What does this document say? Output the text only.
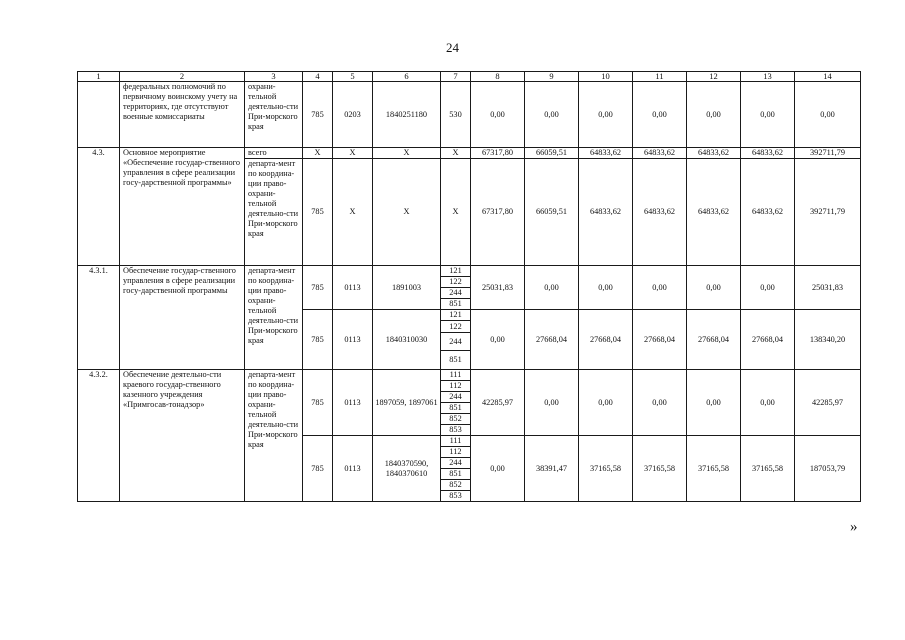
24
1	2	3	4	5	6	7	8	9	10	11	12	13	14
	федеральных полномочий по первичному воинскому учету на территориях, где отсутствуют военные комиссариаты	охрани-тельной деятельно-сти При-морского края	785	0203	1840251180	530	0,00	0,00	0,00	0,00	0,00	0,00	0,00
4.3.	Основное мероприятие «Обеспечение государ-ственного управления в сфере реализации госу-дарственной программы»	всего	X	X	X	X	67317,80	66059,51	64833,62	64833,62	64833,62	64833,62	392711,79
		департа-мент по координа-ции право-охрани-тельной деятельно-сти При-морского края	785	X	X	X	67317,80	66059,51	64833,62	64833,62	64833,62	64833,62	392711,79
4.3.1.	Обеспечение государ-ственного управления в сфере реализации госу-дарственной программы	департа-мент по координа-ции право-охрани-тельной деятельно-сти При-морского края	785	0113	1891003	121	25031,83	0,00	0,00	0,00	0,00	0,00	25031,83
						122							
						244							
						851							
			785	0113	1840310030	121	0,00	27668,04	27668,04	27668,04	27668,04	27668,04	138340,20
						122							
						244							
						851							
4.3.2.	Обеспечение деятельно-сти краевого государ-ственного казенного учреждения «Примгосав-тонадзор»	департа-мент по координа-ции право-охрани-тельной деятельно-сти При-морского края	785	0113	1897059, 1897061	111	42285,97	0,00	0,00	0,00	0,00	0,00	42285,97
						112							
						244							
						851							
						852							
						853							
			785	0113	1840370590, 1840370610	111	0,00	38391,47	37165,58	37165,58	37165,58	37165,58	187053,79
						112							
						244							
						851							
						852							
						853							
»
